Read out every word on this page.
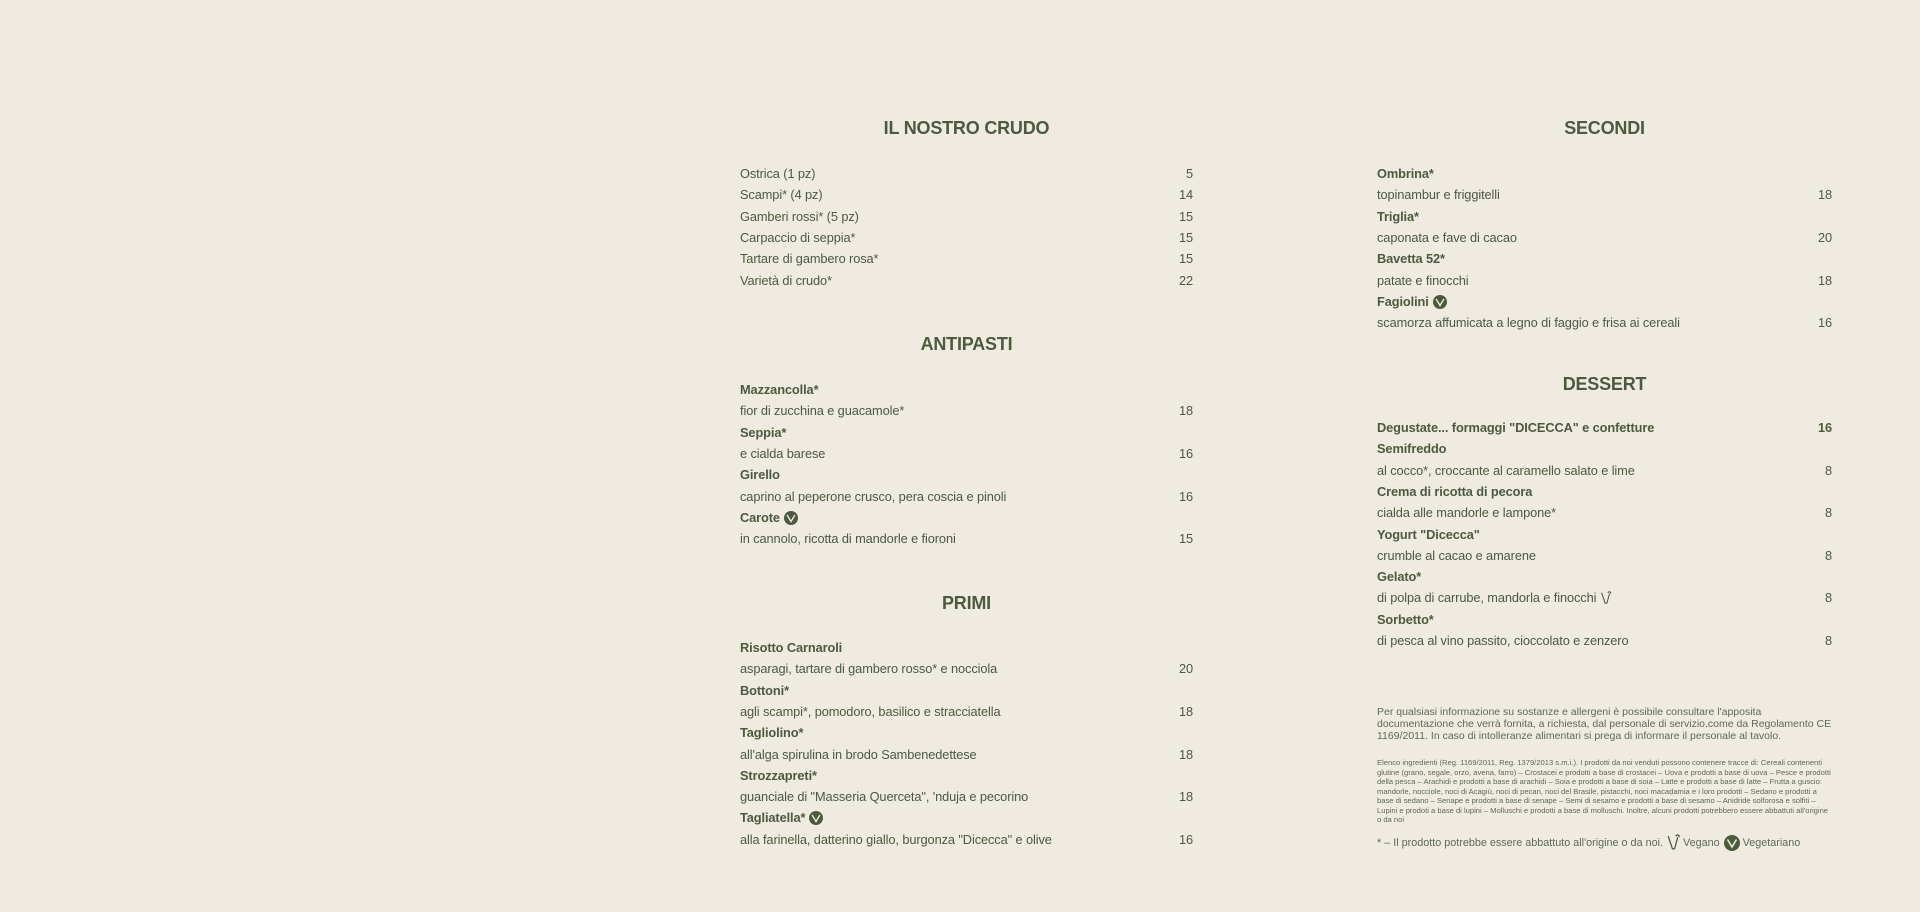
IL NOSTRO CRUDO
Ostrica (1 pz)	5
Scampi* (4 pz)	14
Gamberi rossi* (5 pz)	15
Carpaccio di seppia*	15
Tartare di gambero rosa*	15
Varietà di crudo*	22
ANTIPASTI
Mazzancolla*
fior di zucchina e guacamole*	18
Seppia*
e cialda barese	16
Girello
caprino al peperone crusco, pera coscia e pinoli	16
Carote
in cannolo, ricotta di mandorle e fioroni	15
PRIMI
Risotto Carnaroli
asparagi, tartare di gambero rosso* e nocciola	20
Bottoni*
agli scampi*, pomodoro, basilico e stracciatella	18
Tagliolino*
all'alga spirulina in brodo Sambenedettese	18
Strozzapreti*
guanciale di "Masseria Querceta", 'nduja e pecorino	18
Tagliatella*
alla farinella, datterino giallo, burgonza "Dicecca" e olive	16
Per qualsiasi informazione su sostanze e allergeni è possibile consultare l'apposita documentazione che verrà fornita, a richiesta, dal personale di servizio.come da Regolamento CE 1169/2011. In caso di intolleranze alimentari si prega di informare il personale al tavolo.
Elenco ingredienti (Reg. 1169/2011, Reg. 1379/2013 s.m.i.). I prodotti da noi venduti possono contenere tracce di: Cereali contenenti glutine (grano, segale, orzo, avena, farro) – Crostacei e prodotti a base di crostacei – Uova e prodotti a base di uova – Pesce e prodotti della pesca – Arachidi e prodotti a base di arachidi – Soia e prodotti a base di soia – Latte e prodotti a base di latte – Frutta a guscio: mandorle, nocciole, noci di Acagiù, noci di pecan, noci del Brasile, pistacchi, noci macadamia e i loro prodotti – Sedano e prodotti a base di sedano – Senape e prodotti a base di senape – Semi di sesamo e prodotti a base di sesamo – Anidride solforosa e solfiti – Lupini e prodoti a base di lupini – Molluschi e prodotti a base di molluschi. Inoltre, alcuni prodotti potrebbero essere abbattuti all'origine o da noi
* – Il prodotto potrebbe essere abbattuto all'origine o da noi. Vegano Vegetariano
SECONDI
Ombrina*
topinambur e friggitelli	18
Triglia*
caponata e fave di cacao	20
Bavetta 52*
patate e finocchi	18
Fagiolini
scamorza affumicata a legno di faggio e frisa ai cereali	16
DESSERT
Degustate... formaggi "DICECCA" e confetture	16
Semifreddo
al cocco*, croccante al caramello salato e lime	8
Crema di ricotta di pecora
cialda alle mandorle e lampone*	8
Yogurt "Dicecca"
crumble al cacao e amarene	8
Gelato*
di polpa di carrube, mandorla e finocchi	8
Sorbetto*
di pesca al vino passito, cioccolato e zenzero	8
